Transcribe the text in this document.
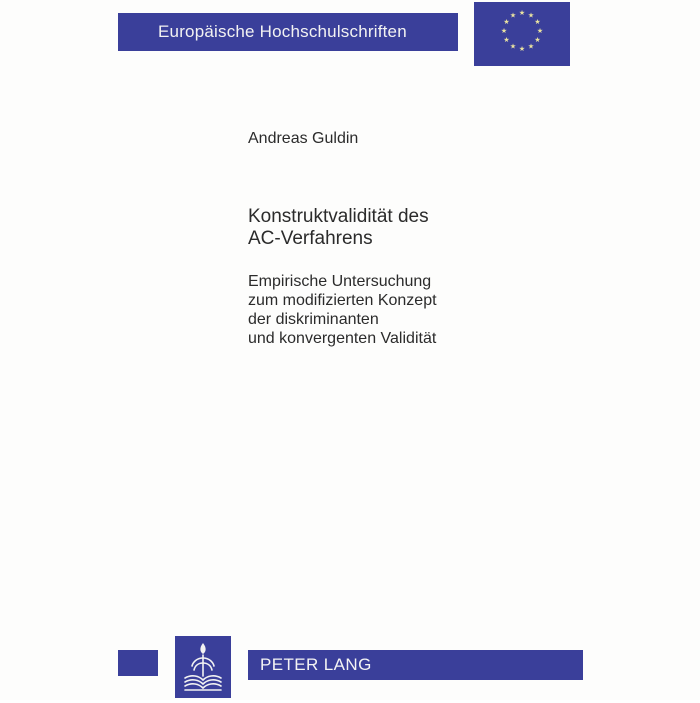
Europäische Hochschulschriften
★ ★
★
★
★
★
★
★
★
★
★
★
Andreas Guldin
Konstruktvalidität des
AC-Verfahrens
Empirische Untersuchung
zum modifizierten Konzept
der diskriminanten
und konvergenten Validität
PETER LANG
